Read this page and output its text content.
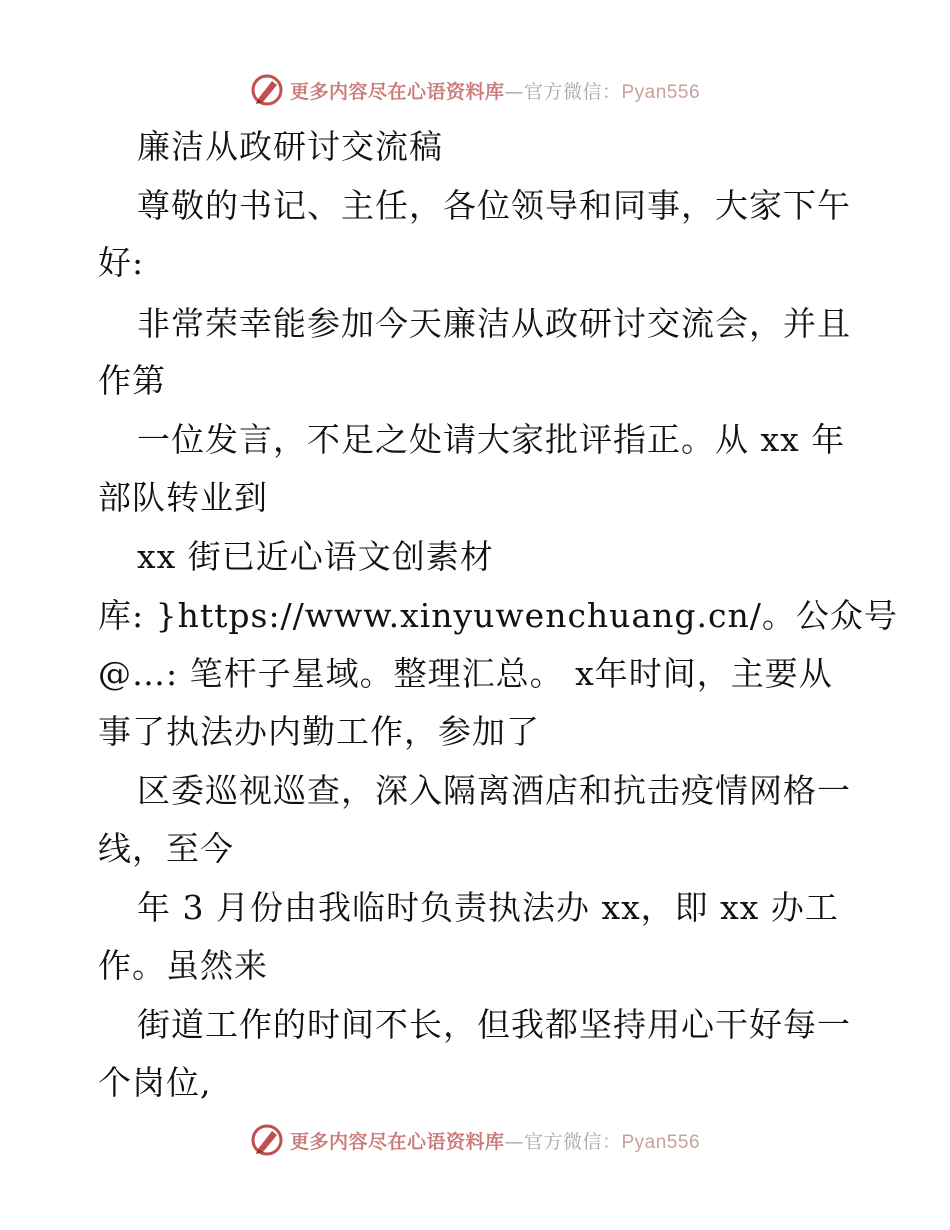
更多内容尽在心语资料库—官方微信：Pyan556
廉洁从政研讨交流稿
尊敬的书记、主任，各位领导和同事，大家下午
好:
非常荣幸能参加今天廉洁从政研讨交流会，并且
作第
一位发言，不足之处请大家批评指正。从 xx 年
部队转业到
xx 街已近心语文创素材
库: }https://www.xinyuwenchuang.cn/。公众号
@…: 笔杆子星域。整理汇总。 x年时间，主要从
事了执法办内勤工作，参加了
区委巡视巡查，深入隔离酒店和抗击疫情网格一
线，至今
年 3 月份由我临时负责执法办 xx，即 xx 办工
作。虽然来
街道工作的时间不长，但我都坚持用心干好每一
个岗位,
更多内容尽在心语资料库—官方微信：Pyan556
